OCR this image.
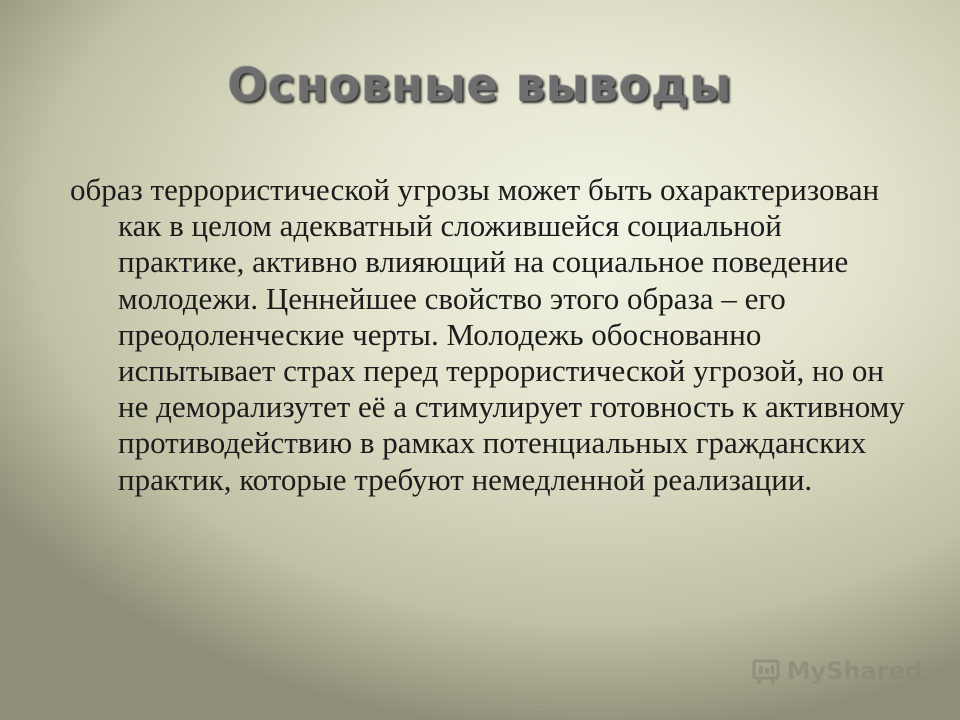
Основные выводы

образ террористической угрозы может быть охарактеризован как в целом адекватный сложившейся социальной практике, активно влияющий на социальное поведение молодежи. Ценнейшее свойство этого образа – его преодоленческие черты. Молодежь обоснованно испытывает страх перед террористической угрозой, но он не деморализутет её а стимулирует готовность к активному противодействию в рамках потенциальных гражданских практик, которые требуют немедленной реализации.

MyShared
